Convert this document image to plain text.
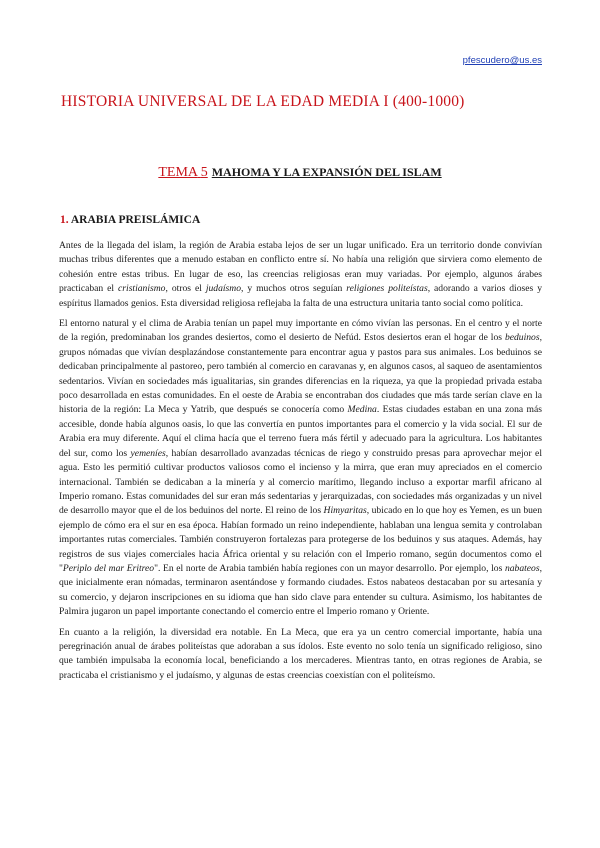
pfescudero@us.es
HISTORIA UNIVERSAL DE LA EDAD MEDIA I (400-1000)
TEMA 5 MAHOMA Y LA EXPANSIÓN DEL ISLAM
1. ARABIA PREISLÁMICA

Antes de la llegada del islam, la región de Arabia estaba lejos de ser un lugar unificado. Era un territorio donde convivían muchas tribus diferentes que a menudo estaban en conflicto entre sí. No había una religión que sirviera como elemento de cohesión entre estas tribus. En lugar de eso, las creencias religiosas eran muy variadas. Por ejemplo, algunos árabes practicaban el cristianismo, otros el judaísmo, y muchos otros seguían religiones politeístas, adorando a varios dioses y espíritus llamados genios. Esta diversidad religiosa reflejaba la falta de una estructura unitaria tanto social como política.

El entorno natural y el clima de Arabia tenían un papel muy importante en cómo vivían las personas. En el centro y el norte de la región, predominaban los grandes desiertos, como el desierto de Nefúd. Estos desiertos eran el hogar de los beduinos, grupos nómadas que vivían desplazándose constantemente para encontrar agua y pastos para sus animales. Los beduinos se dedicaban principalmente al pastoreo, pero también al comercio en caravanas y, en algunos casos, al saqueo de asentamientos sedentarios. Vivían en sociedades más igualitarias, sin grandes diferencias en la riqueza, ya que la propiedad privada estaba poco desarrollada en estas comunidades. En el oeste de Arabia se encontraban dos ciudades que más tarde serían clave en la historia de la región: La Meca y Yatrib, que después se conocería como Medina. Estas ciudades estaban en una zona más accesible, donde había algunos oasis, lo que las convertía en puntos importantes para el comercio y la vida social. El sur de Arabia era muy diferente. Aquí el clima hacía que el terreno fuera más fértil y adecuado para la agricultura. Los habitantes del sur, como los yemeníes, habían desarrollado avanzadas técnicas de riego y construido presas para aprovechar mejor el agua. Esto les permitió cultivar productos valiosos como el incienso y la mirra, que eran muy apreciados en el comercio internacional. También se dedicaban a la minería y al comercio marítimo, llegando incluso a exportar marfil africano al Imperio romano. Estas comunidades del sur eran más sedentarias y jerarquizadas, con sociedades más organizadas y un nivel de desarrollo mayor que el de los beduinos del norte. El reino de los Himyaritas, ubicado en lo que hoy es Yemen, es un buen ejemplo de cómo era el sur en esa época. Habían formado un reino independiente, hablaban una lengua semita y controlaban importantes rutas comerciales. También construyeron fortalezas para protegerse de los beduinos y sus ataques. Además, hay registros de sus viajes comerciales hacia África oriental y su relación con el Imperio romano, según documentos como el "Periplo del mar Eritreo". En el norte de Arabia también había regiones con un mayor desarrollo. Por ejemplo, los nabateos, que inicialmente eran nómadas, terminaron asentándose y formando ciudades. Estos nabateos destacaban por su artesanía y su comercio, y dejaron inscripciones en su idioma que han sido clave para entender su cultura. Asimismo, los habitantes de Palmira jugaron un papel importante conectando el comercio entre el Imperio romano y Oriente.

En cuanto a la religión, la diversidad era notable. En La Meca, que era ya un centro comercial importante, había una peregrinación anual de árabes politeístas que adoraban a sus ídolos. Este evento no solo tenía un significado religioso, sino que también impulsaba la economía local, beneficiando a los mercaderes. Mientras tanto, en otras regiones de Arabia, se practicaba el cristianismo y el judaísmo, y algunas de estas creencias coexistían con el politeísmo.
